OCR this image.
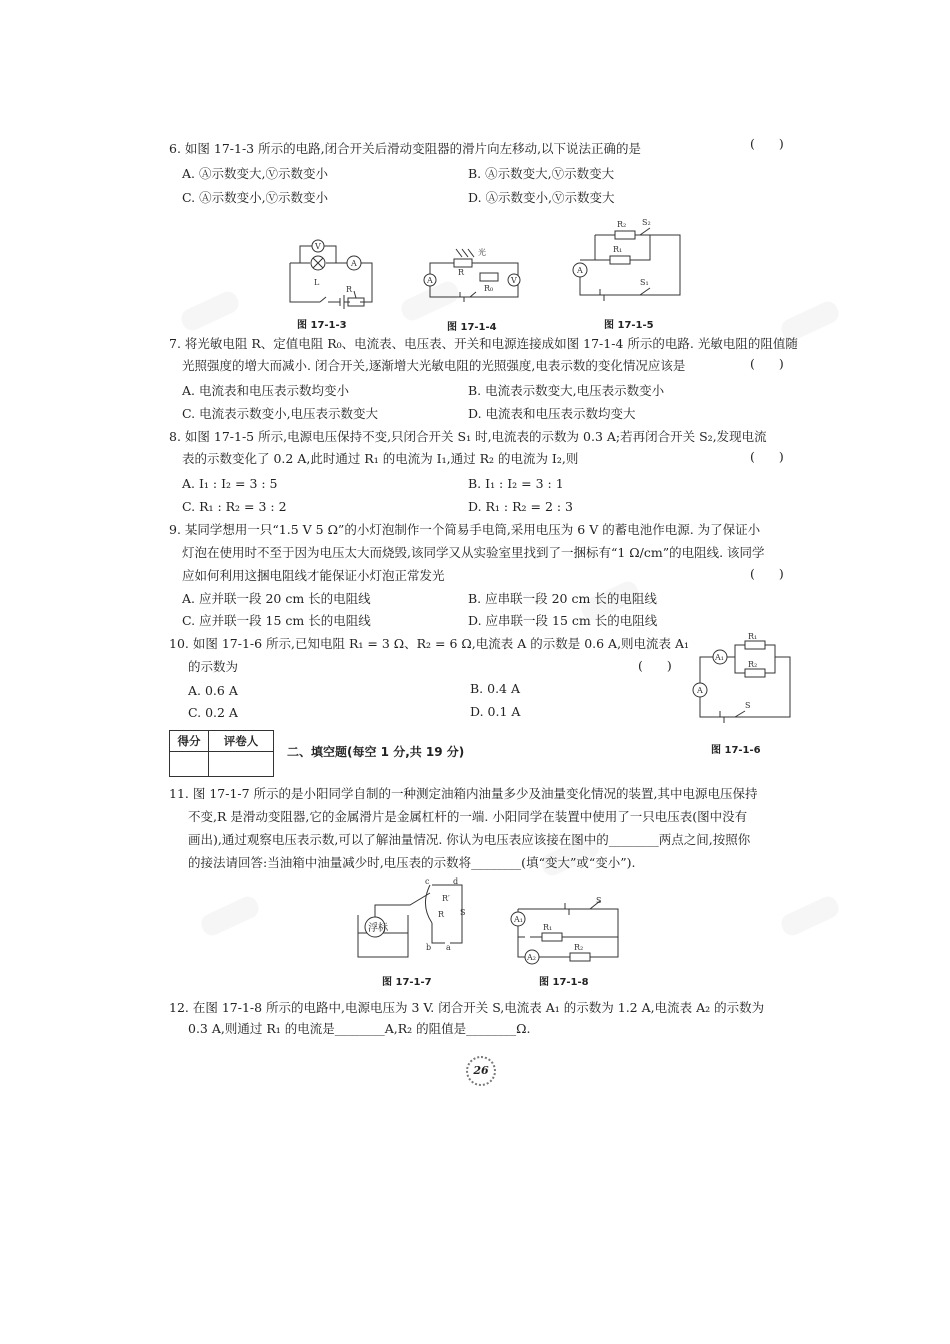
6. 如图 17-1-3 所示的电路,闭合开关后滑动变阻器的滑片向左移动,以下说法正确的是	( )
A. Ⓐ示数变大,Ⓥ示数变小	B. Ⓐ示数变大,Ⓥ示数变大
C. Ⓐ示数变小,Ⓥ示数变小	D. Ⓐ示数变小,Ⓥ示数变大
V
A
L
R
图 17-1-3
光
R
R₀
A	V
图 17-1-4
R₂ S₂
R₁
A
S₁
图 17-1-5
7. 将光敏电阻 R、定值电阻 R₀、电流表、电压表、开关和电源连接成如图 17-1-4 所示的电路. 光敏电阻的阻值随
光照强度的增大而减小. 闭合开关,逐渐增大光敏电阻的光照强度,电表示数的变化情况应该是	( )
A. 电流表和电压表示数均变小	B. 电流表示数变大,电压表示数变小
C. 电流表示数变小,电压表示数变大	D. 电流表和电压表示数均变大
8. 如图 17-1-5 所示,电源电压保持不变,只闭合开关 S₁ 时,电流表的示数为 0.3 A;若再闭合开关 S₂,发现电流
表的示数变化了 0.2 A,此时通过 R₁ 的电流为 I₁,通过 R₂ 的电流为 I₂,则	( )
A. I₁ : I₂ = 3 : 5	B. I₁ : I₂ = 3 : 1
C. R₁ : R₂ = 3 : 2	D. R₁ : R₂ = 2 : 3
9. 某同学想用一只“1.5 V 5 Ω”的小灯泡制作一个简易手电筒,采用电压为 6 V 的蓄电池作电源. 为了保证小
灯泡在使用时不至于因为电压太大而烧毁,该同学又从实验室里找到了一捆标有“1 Ω/cm”的电阻线. 该同学
应如何利用这捆电阻线才能保证小灯泡正常发光	( )
A. 应并联一段 20 cm 长的电阻线	B. 应串联一段 20 cm 长的电阻线
C. 应并联一段 15 cm 长的电阻线	D. 应串联一段 15 cm 长的电阻线
10. 如图 17-1-6 所示,已知电阻 R₁ = 3 Ω、R₂ = 6 Ω,电流表 A 的示数是 0.6 A,则电流表 A₁
的示数为	( )
A. 0.6 A	B. 0.4 A
C. 0.2 A	D. 0.1 A
A₁
R₁
R₂
A
S
图 17-1-6
得分	评卷人

二、填空题(每空 1 分,共 19 分)
11. 图 17-1-7 所示的是小阳同学自制的一种测定油箱内油量多少及油量变化情况的装置,其中电源电压保持
不变,R 是滑动变阻器,它的金属滑片是金属杠杆的一端. 小阳同学在装置中使用了一只电压表(图中没有
画出),通过观察电压表示数,可以了解油量情况. 你认为电压表应该接在图中的________两点之间,按照你
的接法请回答:当油箱中油量减少时,电压表的示数将________(填“变大”或“变小”).
c	d
R′
R S
b a
浮标
图 17-1-7
S
A₁
R₁
A₂
R₂
图 17-1-8
12. 在图 17-1-8 所示的电路中,电源电压为 3 V. 闭合开关 S,电流表 A₁ 的示数为 1.2 A,电流表 A₂ 的示数为
0.3 A,则通过 R₁ 的电流是________A,R₂ 的阻值是________Ω.
26
